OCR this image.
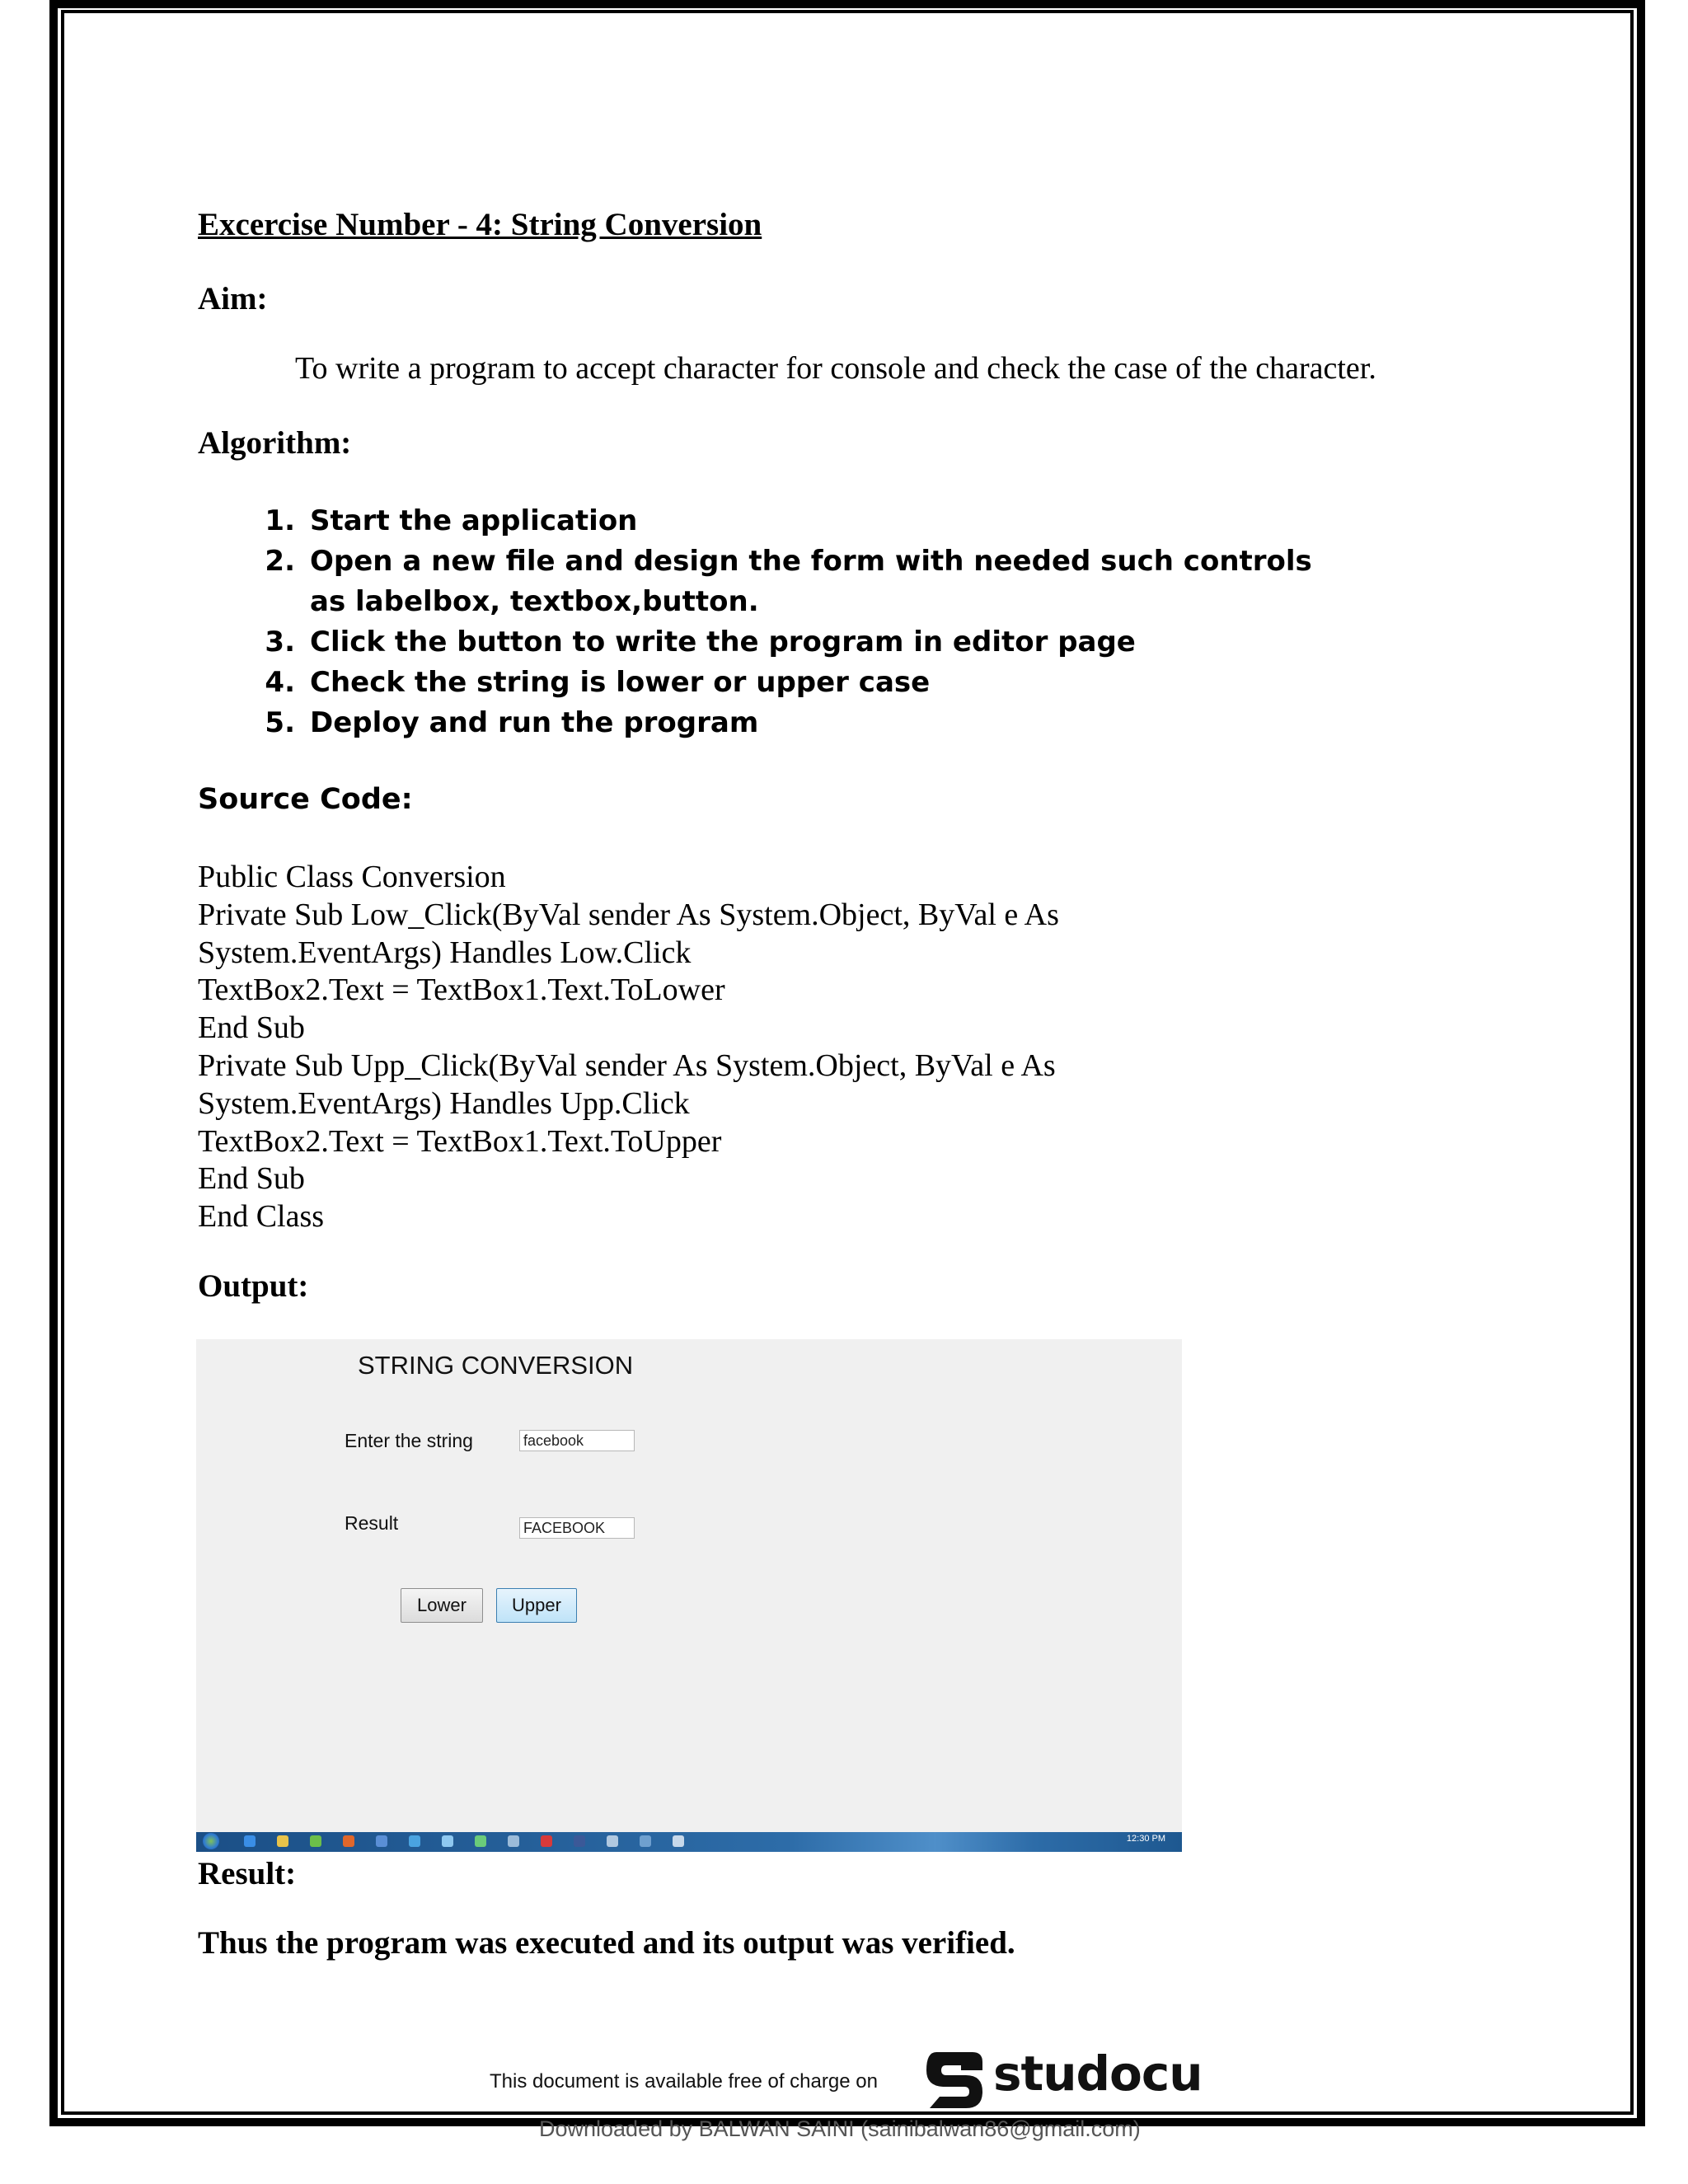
Excercise Number - 4: String Conversion
Aim:
To write a program to accept character for console and check the case of the character.
Algorithm:
1. Start the application
2. Open a new file and design the form with needed such controls as labelbox, textbox,button.
3. Click the button to write the program in editor page
4. Check the string is lower or upper case
5. Deploy and run the program
Source Code:
Public Class Conversion
Private Sub Low_Click(ByVal sender As System.Object, ByVal e As
System.EventArgs) Handles Low.Click
TextBox2.Text = TextBox1.Text.ToLower
End Sub
Private Sub Upp_Click(ByVal sender As System.Object, ByVal e As
System.EventArgs) Handles Upp.Click
TextBox2.Text = TextBox1.Text.ToUpper
End Sub
End Class
Output:
STRING CONVERSION
Enter the string	facebook
Result	FACEBOOK
Lower	Upper
12:30 PM
Result:
Thus the program was executed and its output was verified.
This document is available free of charge on studocu
Downloaded by BALWAN SAINI (sainibalwan86@gmail.com)
